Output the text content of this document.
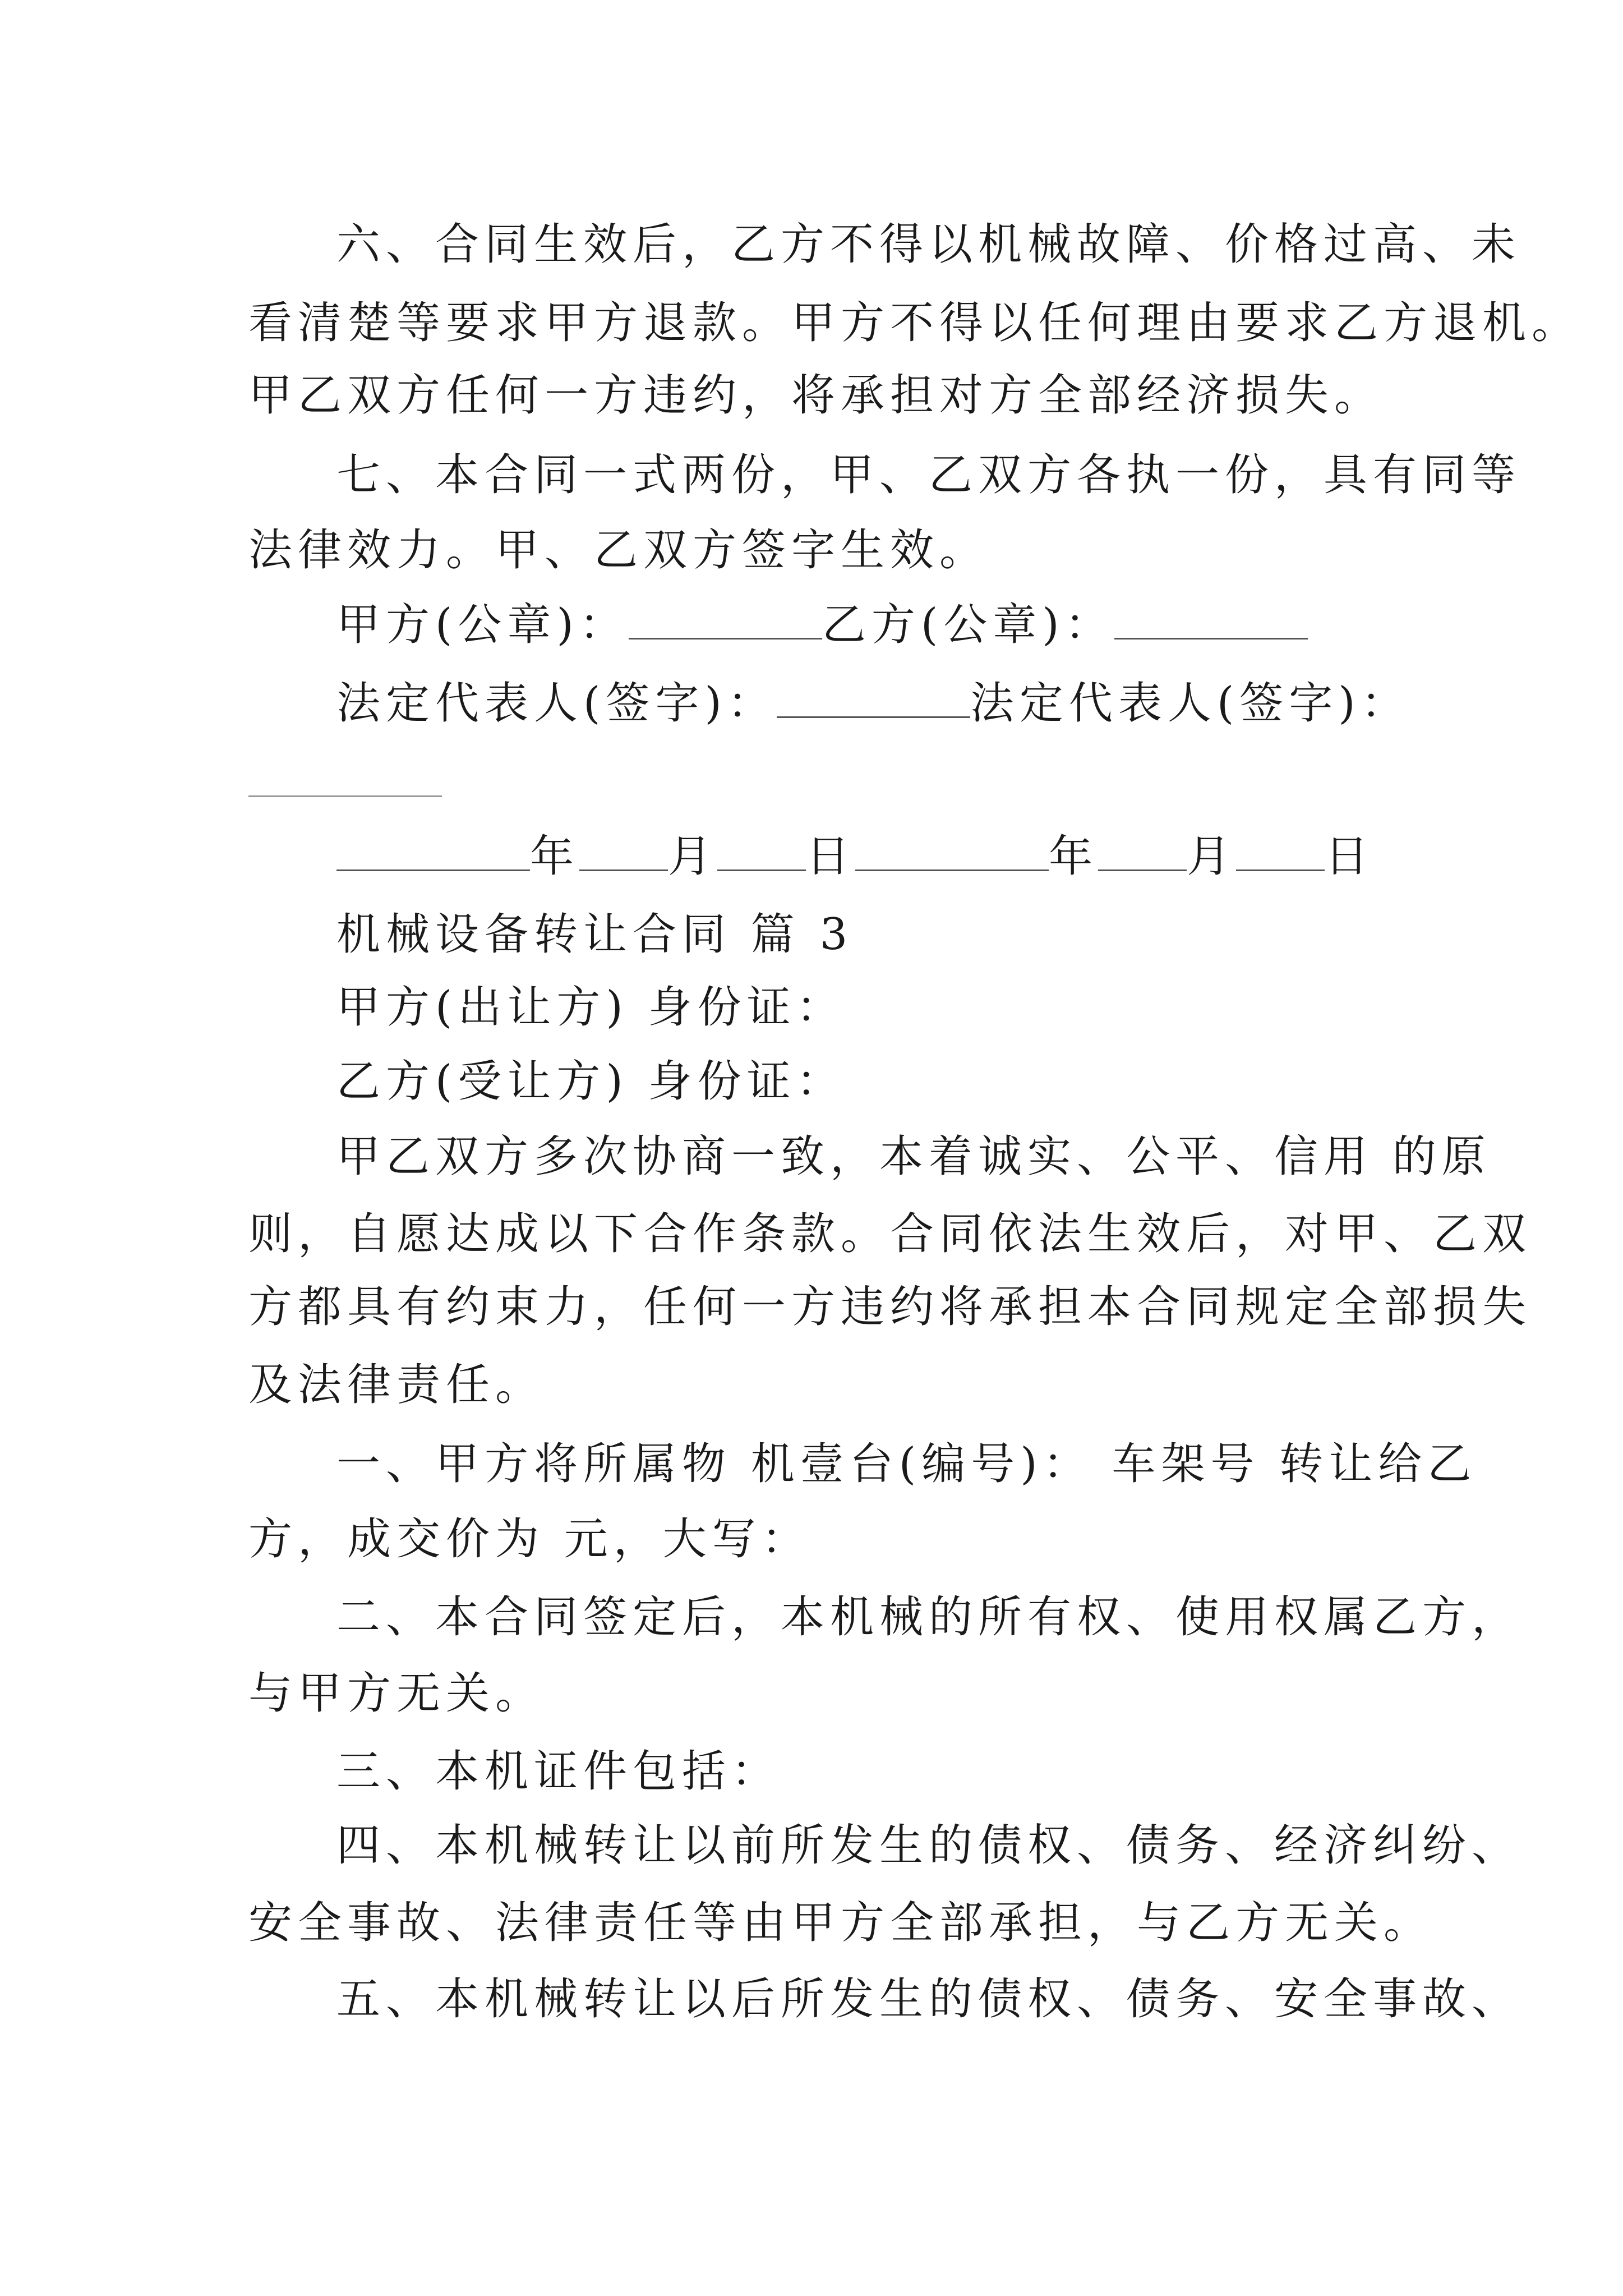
六、合同生效后，乙方不得以机械故障、价格过高、未
看清楚等要求甲方退款。甲方不得以任何理由要求乙方退机。
甲乙双方任何一方违约，将承担对方全部经济损失。
七、本合同一式两份，甲、乙双方各执一份，具有同等
法律效力。甲、乙双方签字生效。
甲方(公章)：	乙方(公章)：
法定代表人(签字)：	法定代表人(签字)：
年 月 日	年 月 日
机械设备转让合同 篇 3
甲方(出让方) 身份证：
乙方(受让方) 身份证：
甲乙双方多次协商一致，本着诚实、公平、信用 的原
则，自愿达成以下合作条款。合同依法生效后，对甲、乙双
方都具有约束力，任何一方违约将承担本合同规定全部损失
及法律责任。
一、甲方将所属物 机壹台(编号)： 车架号 转让给乙
方，成交价为 元，大写：
二、本合同签定后，本机械的所有权、使用权属乙方，
与甲方无关。
三、本机证件包括：
四、本机械转让以前所发生的债权、债务、经济纠纷、
安全事故、法律责任等由甲方全部承担，与乙方无关。
五、本机械转让以后所发生的债权、债务、安全事故、
